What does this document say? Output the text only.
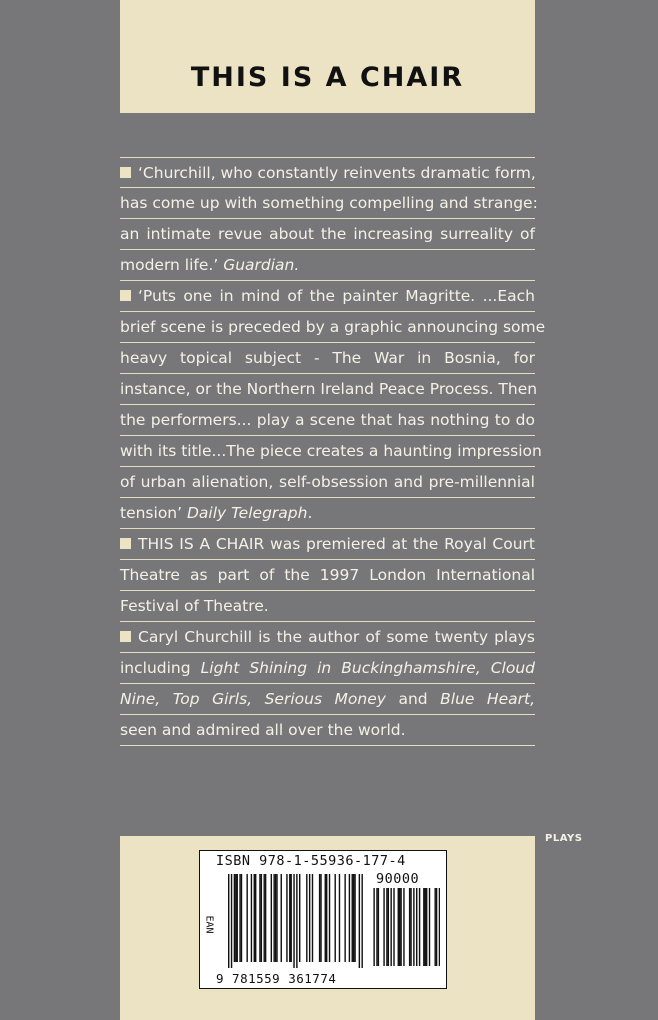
THIS IS A CHAIR
‘Churchill, who constantly reinvents dramatic form,
has come up with something compelling and strange:
an intimate revue about the increasing surreality of
modern life.’ Guardian.
‘Puts one in mind of the painter Magritte. ...Each
brief scene is preceded by a graphic announcing some
heavy topical subject - The War in Bosnia, for
instance, or the Northern Ireland Peace Process. Then
the performers... play a scene that has nothing to do
with its title...The piece creates a haunting impression
of urban alienation, self-obsession and pre-millennial
tension’ Daily Telegraph.
THIS IS A CHAIR was premiered at the Royal Court
Theatre as part of the 1997 London International
Festival of Theatre.
Caryl Churchill is the author of some twenty plays
including Light Shining in Buckinghamshire, Cloud
Nine, Top Girls, Serious Money and Blue Heart,
seen and admired all over the world.
PLAYS
ISBN 978-1-55936-177-4
90000
EAN
9 781559 361774
